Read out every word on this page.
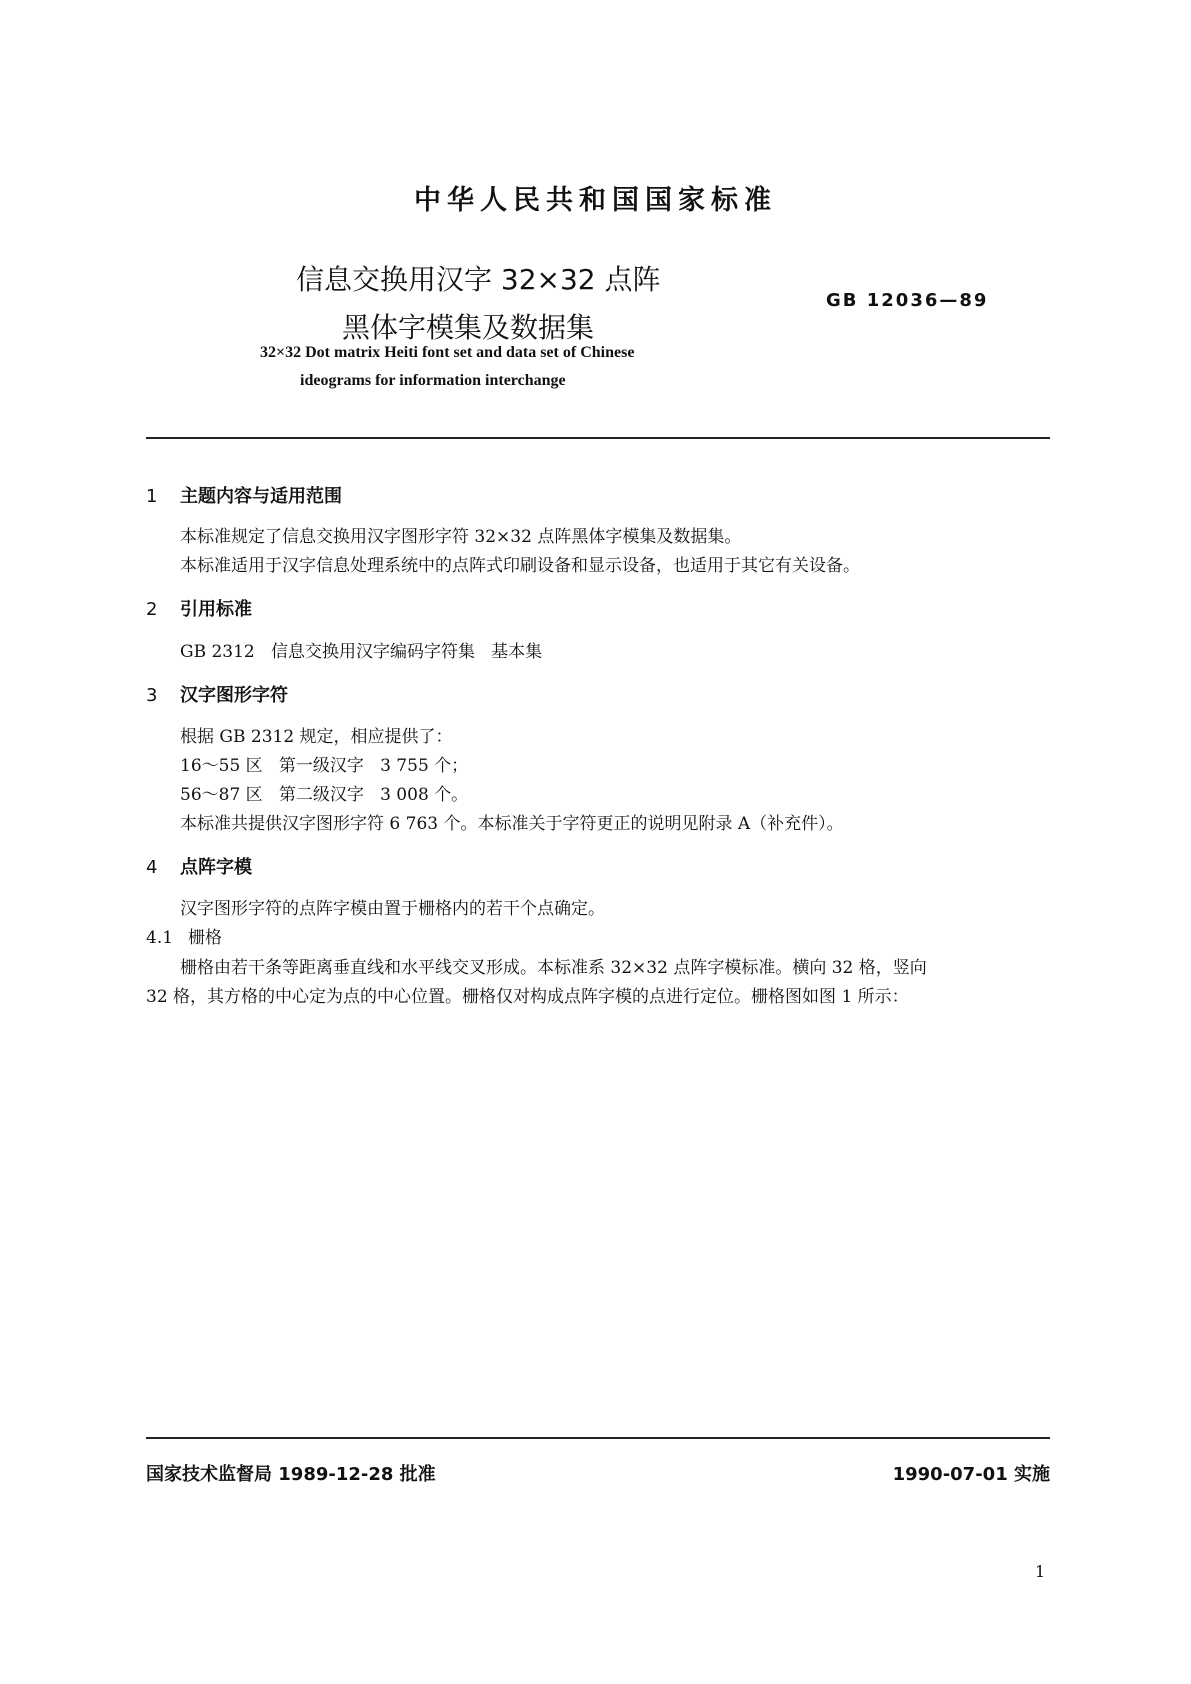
中华人民共和国国家标准
信息交换用汉字 32×32 点阵
黑体字模集及数据集
GB 12036—89
32×32 Dot matrix Heiti font set and data set of Chinese
ideograms for information interchange
1 主题内容与适用范围
本标准规定了信息交换用汉字图形字符 32×32 点阵黑体字模集及数据集。
本标准适用于汉字信息处理系统中的点阵式印刷设备和显示设备，也适用于其它有关设备。
2 引用标准
GB 2312   信息交换用汉字编码字符集   基本集
3 汉字图形字符
根据 GB 2312 规定，相应提供了：
16～55 区   第一级汉字   3 755 个；
56～87 区   第二级汉字   3 008 个。
本标准共提供汉字图形字符 6 763 个。本标准关于字符更正的说明见附录 A（补充件）。
4 点阵字模
汉字图形字符的点阵字模由置于栅格内的若干个点确定。
4.1 栅格
栅格由若干条等距离垂直线和水平线交叉形成。本标准系 32×32 点阵字模标准。横向 32 格，竖向
32 格，其方格的中心定为点的中心位置。栅格仅对构成点阵字模的点进行定位。栅格图如图 1 所示：
国家技术监督局 1989-12-28 批准	1990-07-01 实施
1
